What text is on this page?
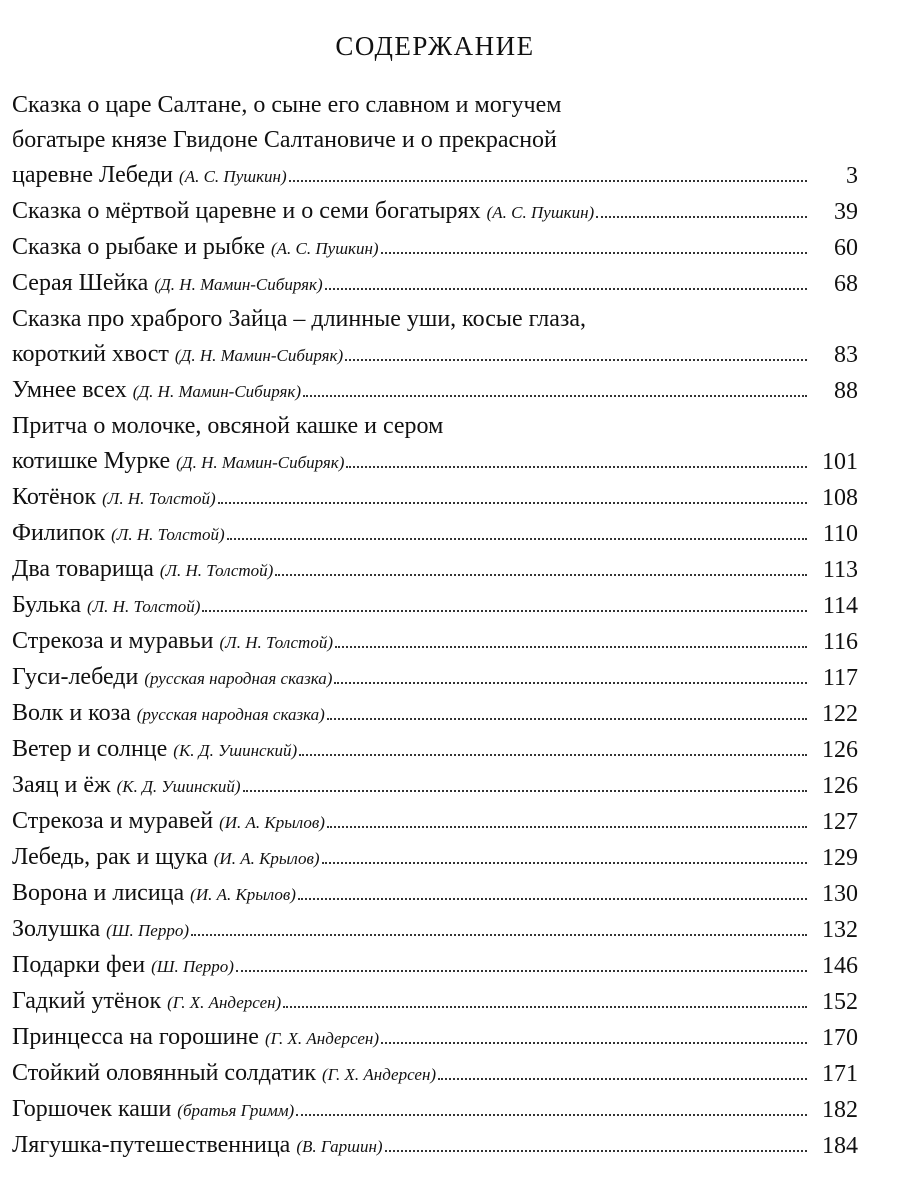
СОДЕРЖАНИЕ
Сказка о царе Салтане, о сыне его славном и могучем
богатыре князе Гвидоне Салтановиче и о прекрасной
царевне Лебеди (А. С. Пушкин)	3
Сказка о мёртвой царевне и о семи богатырях (А. С. Пушкин)	39
Сказка о рыбаке и рыбке (А. С. Пушкин)	60
Серая Шейка (Д. Н. Мамин-Сибиряк)	68
Сказка про храброго Зайца – длинные уши, косые глаза,
короткий хвост (Д. Н. Мамин-Сибиряк)	83
Умнее всех (Д. Н. Мамин-Сибиряк)	88
Притча о молочке, овсяной кашке и сером
котишке Мурке (Д. Н. Мамин-Сибиряк)	101
Котёнок (Л. Н. Толстой)	108
Филипок (Л. Н. Толстой)	110
Два товарища (Л. Н. Толстой)	113
Булька (Л. Н. Толстой)	114
Стрекоза и муравьи (Л. Н. Толстой)	116
Гуси-лебеди (русская народная сказка)	117
Волк и коза (русская народная сказка)	122
Ветер и солнце (К. Д. Ушинский)	126
Заяц и ёж (К. Д. Ушинский)	126
Стрекоза и муравей (И. А. Крылов)	127
Лебедь, рак и щука (И. А. Крылов)	129
Ворона и лисица (И. А. Крылов)	130
Золушка (Ш. Перро)	132
Подарки феи (Ш. Перро)	146
Гадкий утёнок (Г. Х. Андерсен)	152
Принцесса на горошине (Г. Х. Андерсен)	170
Стойкий оловянный солдатик (Г. Х. Андерсен)	171
Горшочек каши (братья Гримм)	182
Лягушка-путешественница (В. Гаршин)	184
